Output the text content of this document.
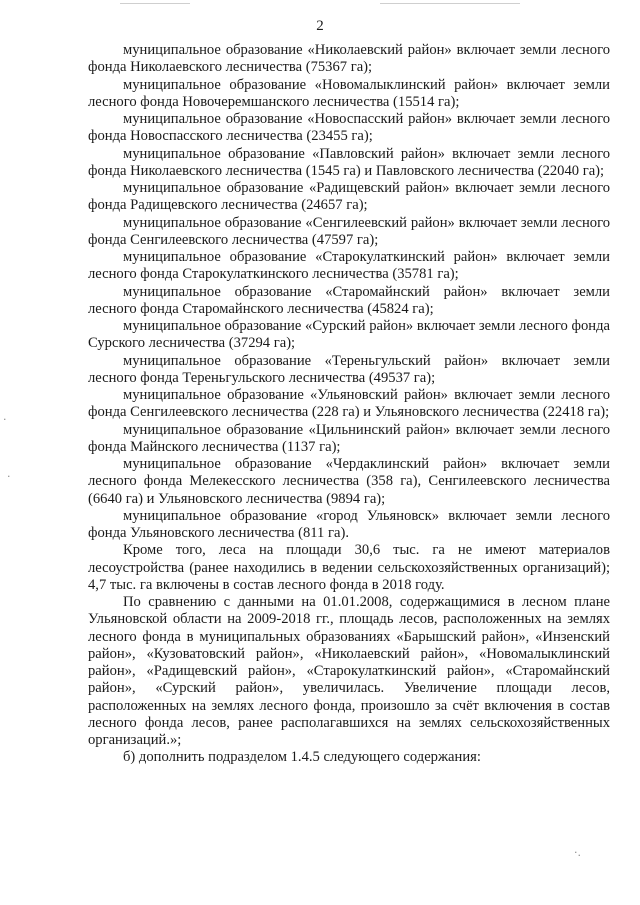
2

муниципальное образование «Николаевский район» включает земли лесного фонда Николаевского лесничества (75367 га);

муниципальное образование «Новомалыклинский район» включает земли лесного фонда Новочеремшанского лесничества (15514 га);

муниципальное образование «Новоспасский район» включает земли лесного фонда Новоспасского лесничества (23455 га);

муниципальное образование «Павловский район» включает земли лесного фонда Николаевского лесничества (1545 га) и Павловского лесничества (22040 га);

муниципальное образование «Радищевский район» включает земли лесного фонда Радищевского лесничества (24657 га);

муниципальное образование «Сенгилеевский район» включает земли лесного фонда Сенгилеевского лесничества (47597 га);

муниципальное образование «Старокулаткинский район» включает земли лесного фонда Старокулаткинского лесничества (35781 га);

муниципальное образование «Старомайнский район» включает земли лесного фонда Старомайнского лесничества (45824 га);

муниципальное образование «Сурский район» включает земли лесного фонда Сурского лесничества (37294 га);

муниципальное образование «Тереньгульский район» включает земли лесного фонда Тереньгульского лесничества (49537 га);

муниципальное образование «Ульяновский район» включает земли лесного фонда Сенгилеевского лесничества (228 га) и Ульяновского лесничества (22418 га);

муниципальное образование «Цильнинский район» включает земли лесного фонда Майнского лесничества (1137 га);

муниципальное образование «Чердаклинский район» включает земли лесного фонда Мелекесского лесничества (358 га), Сенгилеевского лесничества (6640 га) и Ульяновского лесничества (9894 га);

муниципальное образование «город Ульяновск» включает земли лесного фонда Ульяновского лесничества (811 га).

Кроме того, леса на площади 30,6 тыс. га не имеют материалов лесоустройства (ранее находились в ведении сельскохозяйственных организаций); 4,7 тыс. га включены в состав лесного фонда в 2018 году.

По сравнению с данными на 01.01.2008, содержащимися в лесном плане Ульяновской области на 2009-2018 гг., площадь лесов, расположенных на землях лесного фонда в муниципальных образованиях «Барышский район», «Инзенский район», «Кузоватовский район», «Николаевский район», «Новомалыклинский район», «Радищевский район», «Старокулаткинский район», «Старомайнский район», «Сурский район», увеличилась. Увеличение площади лесов, расположенных на землях лесного фонда, произошло за счёт включения в состав лесного фонда лесов, ранее располагавшихся на землях сельскохозяйственных организаций.»;

б) дополнить подразделом 1.4.5 следующего содержания:

·
·
·.
